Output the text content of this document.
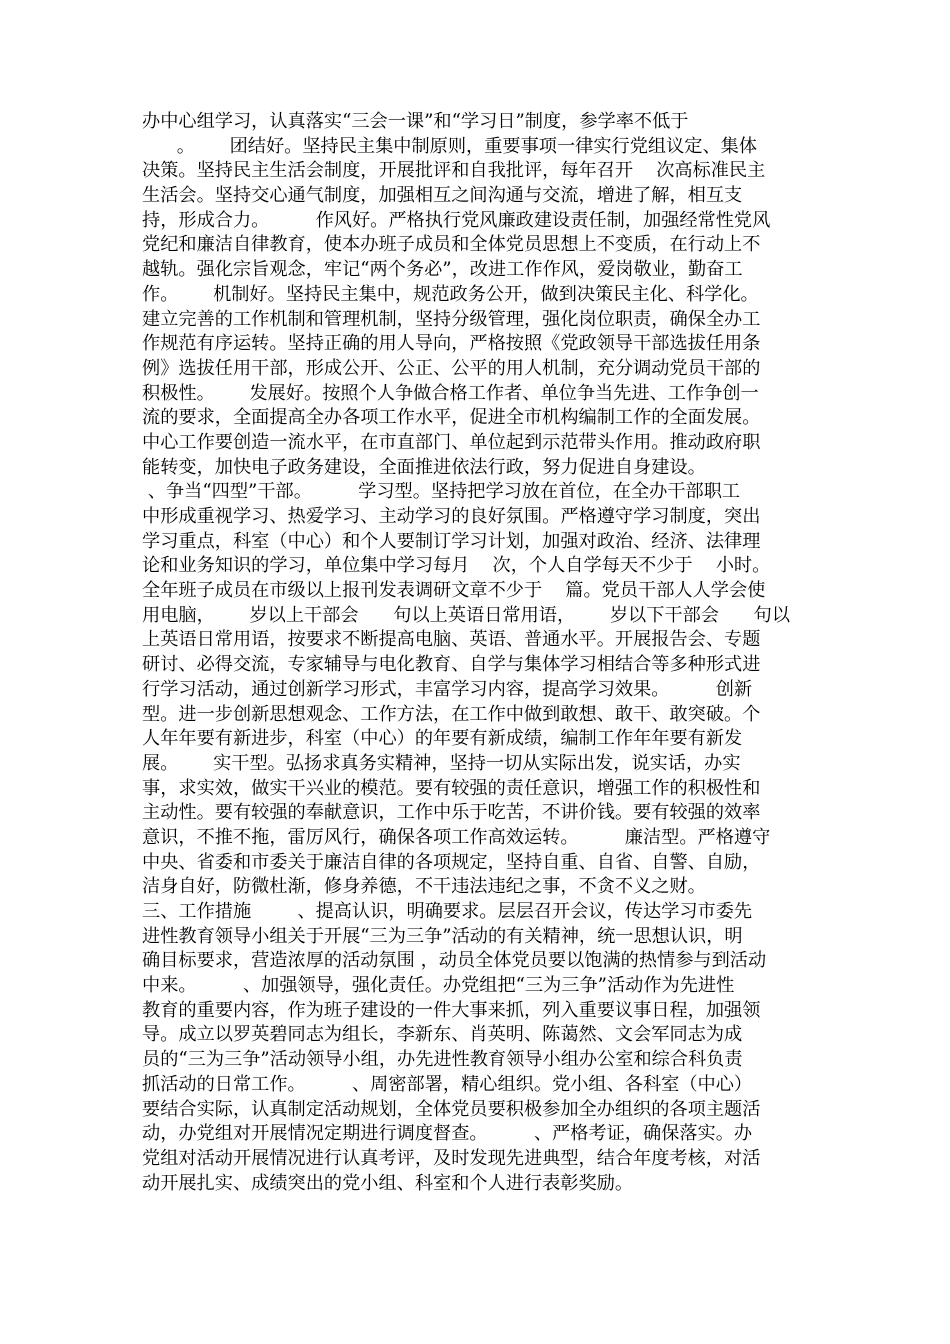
办中心组学习，认真落实“三会一课”和“学习日”制度，参学率不低于
。      团结好。坚持民主集中制原则，重要事项一律实行党组议定、集体
决策。坚持民主生活会制度，开展批评和自我批评，每年召开    次高标准民主
生活会。坚持交心通气制度，加强相互之间沟通与交流，增进了解，相互支
持，形成合力。        作风好。严格执行党风廉政建设责任制，加强经常性党风
党纪和廉洁自律教育，使本办班子成员和全体党员思想上不变质，在行动上不
越轨。强化宗旨观念，牢记“两个务必”，改进工作作风，爱岗敬业，勤奋工
作。      机制好。坚持民主集中，规范政务公开，做到决策民主化、科学化。
建立完善的工作机制和管理机制，坚持分级管理，强化岗位职责，确保全办工
作规范有序运转。坚持正确的用人导向，严格按照《党政领导干部选拔任用条
例》选拔任用干部，形成公开、公正、公平的用人机制，充分调动党员干部的
积极性。      发展好。按照个人争做合格工作者、单位争当先进、工作争创一
流的要求，全面提高全办各项工作水平，促进全市机构编制工作的全面发展。
中心工作要创造一流水平，在市直部门、单位起到示范带头作用。推动政府职
能转变，加快电子政务建设，全面推进依法行政，努力促进自身建设。
、争当“四型”干部。        学习型。坚持把学习放在首位，在全办干部职工
中形成重视学习、热爱学习、主动学习的良好氛围。严格遵守学习制度，突出
学习重点，科室（中心）和个人要制订学习计划，加强对政治、经济、法律理
论和业务知识的学习，单位集中学习每月    次，个人自学每天不少于    小时。
全年班子成员在市级以上报刊发表调研文章不少于    篇。党员干部人人学会使
用电脑，      岁以上干部会      句以上英语日常用语，      岁以下干部会      句以
上英语日常用语，按要求不断提高电脑、英语、普通水平。开展报告会、专题
研讨、必得交流，专家辅导与电化教育、自学与集体学习相结合等多种形式进
行学习活动，通过创新学习形式，丰富学习内容，提高学习效果。        创新
型。进一步创新思想观念、工作方法，在工作中做到敢想、敢干、敢突破。个
人年年要有新进步，科室（中心）的年要有新成绩，编制工作年年要有新发
展。      实干型。弘扬求真务实精神，坚持一切从实际出发，说实话，办实
事，求实效，做实干兴业的模范。要有较强的责任意识，增强工作的积极性和
主动性。要有较强的奉献意识，工作中乐于吃苦，不讲价钱。要有较强的效率
意识，不推不拖，雷厉风行，确保各项工作高效运转。        廉洁型。严格遵守
中央、省委和市委关于廉洁自律的各项规定，坚持自重、自省、自警、自励，
洁身自好，防微杜渐，修身养德，不干违法违纪之事，不贪不义之财。
三、工作措施        、提高认识，明确要求。层层召开会议，传达学习市委先
进性教育领导小组关于开展“三为三争”活动的有关精神，统一思想认识，明
确目标要求，营造浓厚的活动氛围 ，动员全体党员要以饱满的热情参与到活动
中来。        、加强领导，强化责任。办党组把“三为三争”活动作为先进性
教育的重要内容，作为班子建设的一件大事来抓，列入重要议事日程，加强领
导。成立以罗英碧同志为组长，李新东、肖英明、陈蔼然、文会军同志为成
员的“三为三争”活动领导小组，办先进性教育领导小组办公室和综合科负责
抓活动的日常工作。        、周密部署，精心组织。党小组、各科室（中心）
要结合实际，认真制定活动规划，全体党员要积极参加全办组织的各项主题活
动，办党组对开展情况定期进行调度督查。        、严格考证，确保落实。办
党组对活动开展情况进行认真考评，及时发现先进典型，结合年度考核，对活
动开展扎实、成绩突出的党小组、科室和个人进行表彰奖励。
